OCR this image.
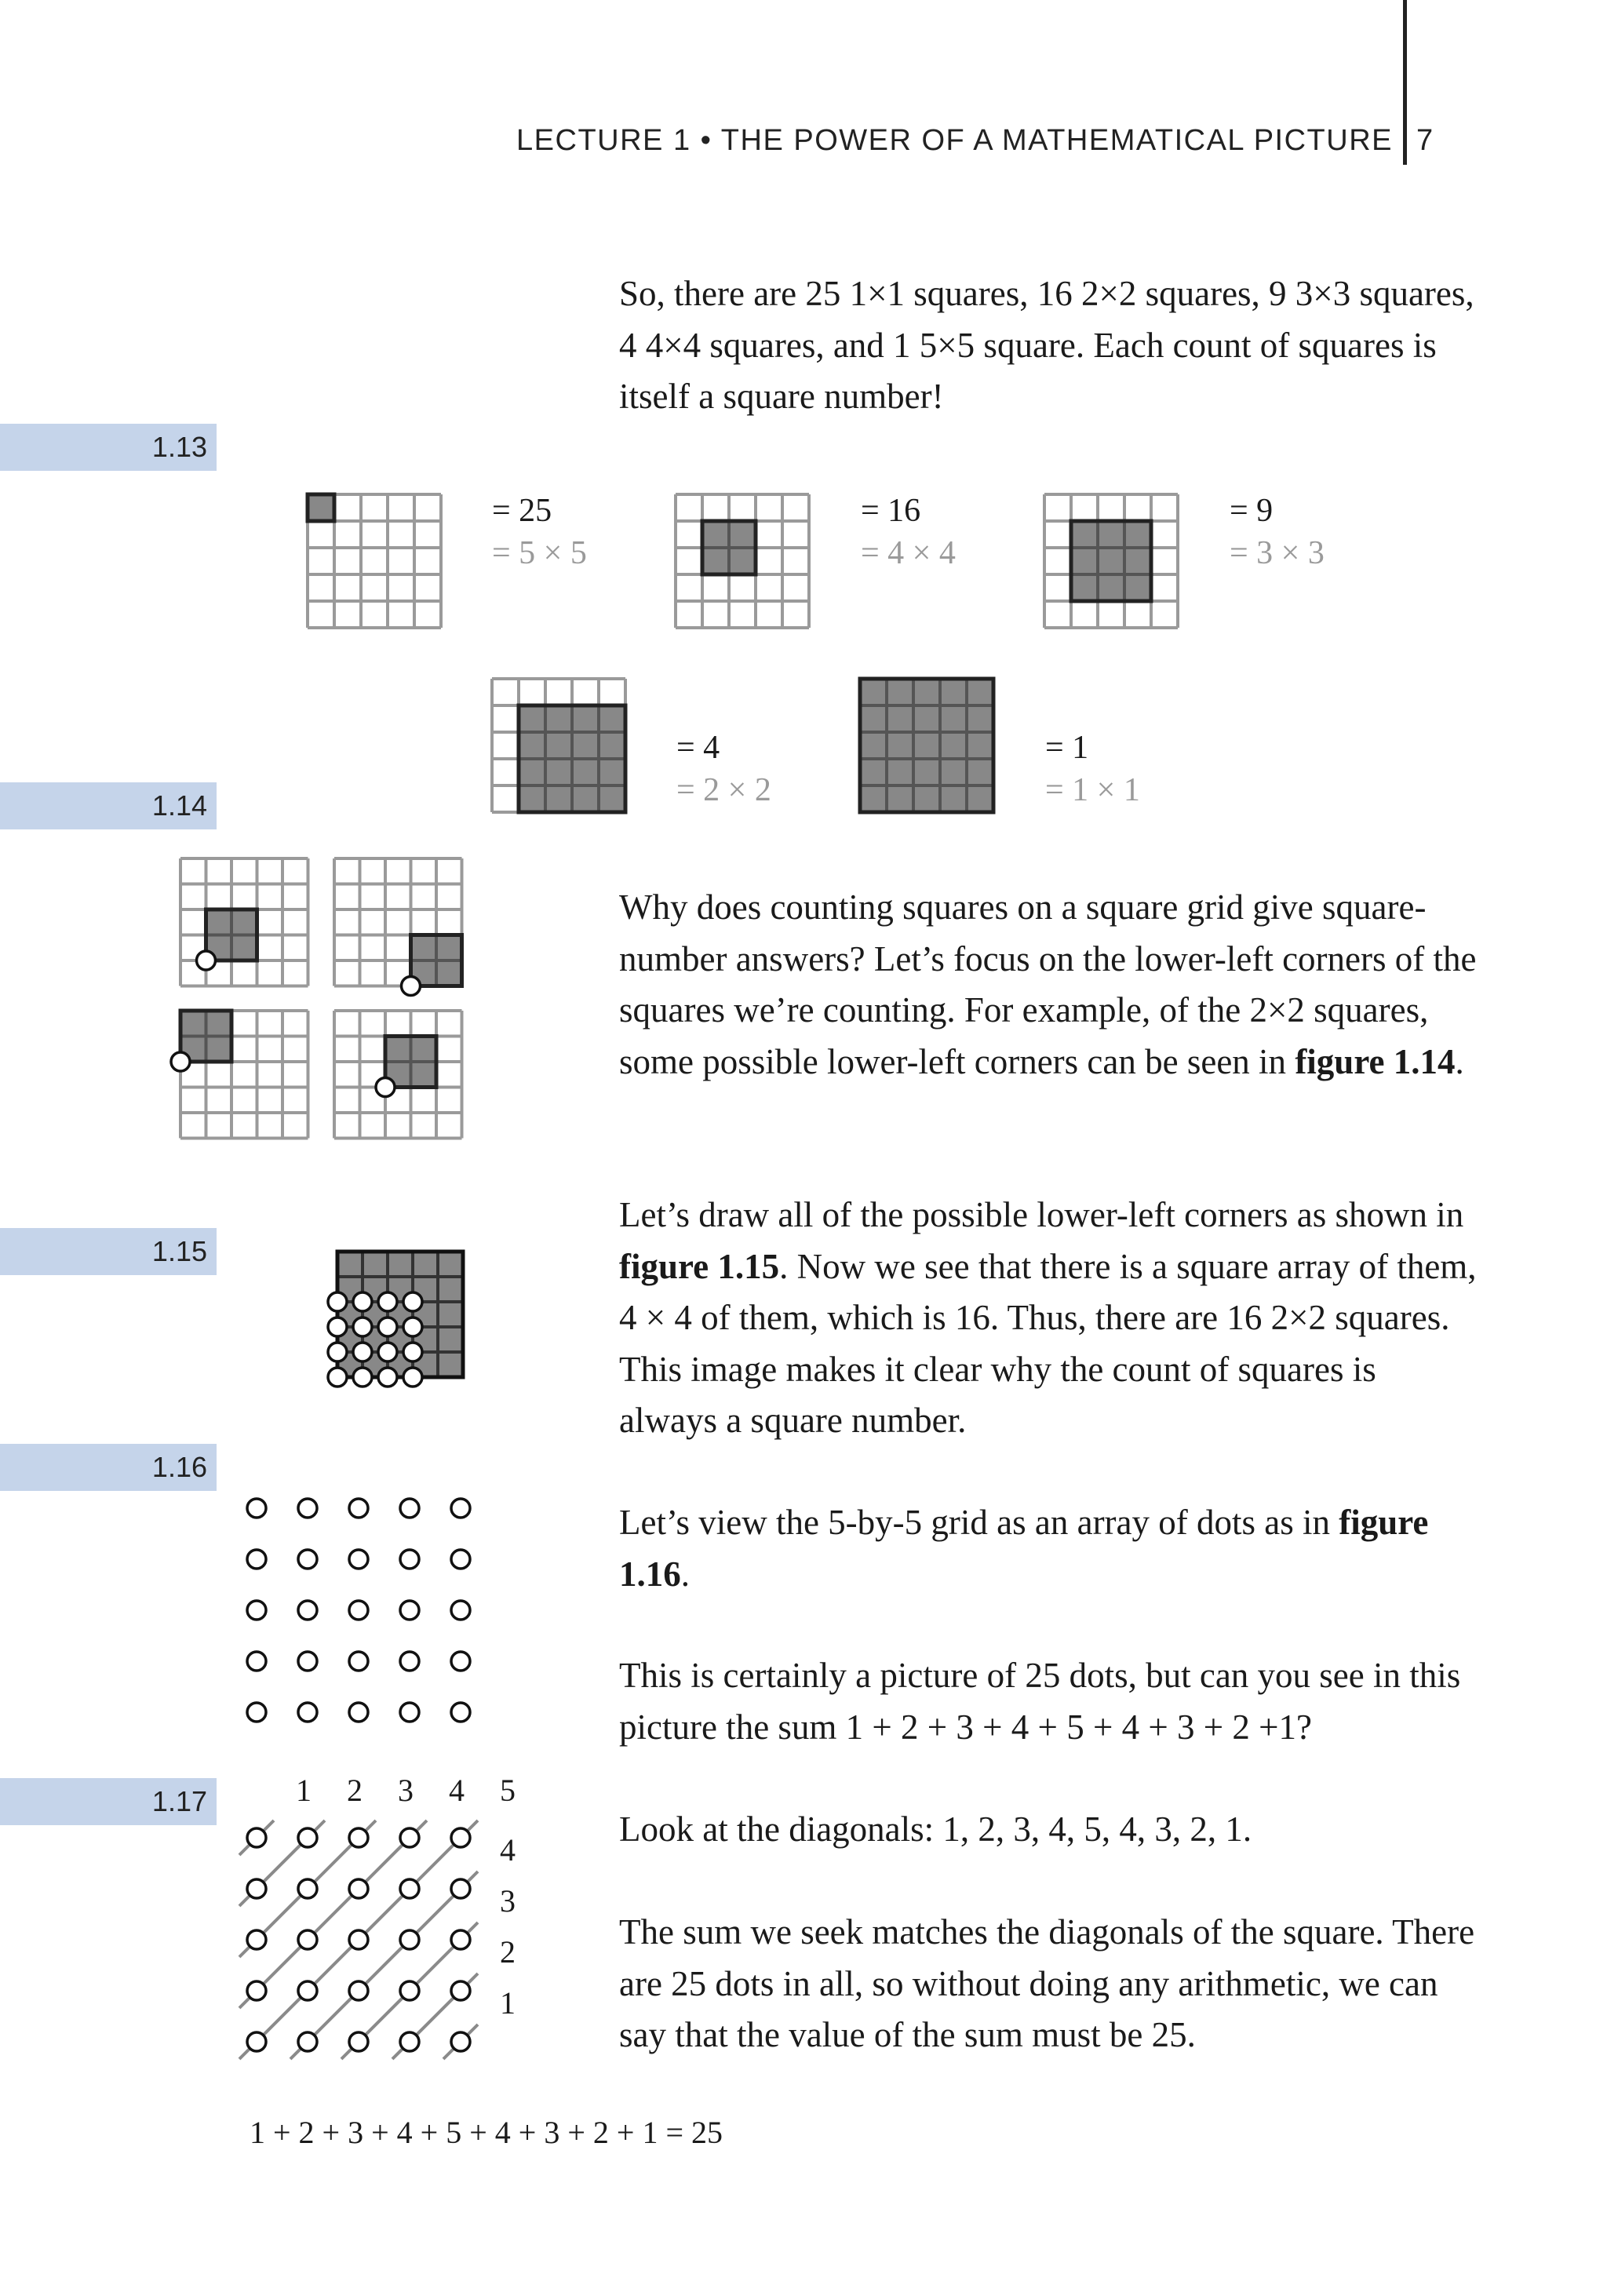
LECTURE 1 • THE POWER OF A MATHEMATICAL PICTURE 7
1.13
1.14
1.15
1.16
1.17

So, there are 25 1×1 squares, 16 2×2 squares, 9 3×3 squares, 4 4×4 squares, and 1 5×5 square. Each count of squares is itself a square number!

Why does counting squares on a square grid give square-number answers? Let’s focus on the lower-left corners of the squares we’re counting. For example, of the 2×2 squares, some possible lower-left corners can be seen in figure 1.14.

Let’s draw all of the possible lower-left corners as shown in figure 1.15. Now we see that there is a square array of them, 4 × 4 of them, which is 16. Thus, there are 16 2×2 squares. This image makes it clear why the count of squares is always a square number.

Let’s view the 5-by-5 grid as an array of dots as in figure 1.16.

This is certainly a picture of 25 dots, but can you see in this picture the sum 1 + 2 + 3 + 4 + 5 + 4 + 3 + 2 +1?

Look at the diagonals: 1, 2, 3, 4, 5, 4, 3, 2, 1.

The sum we seek matches the diagonals of the square. There are 25 dots in all, so without doing any arithmetic, we can say that the value of the sum must be 25.

= 25
= 5 × 5
= 16
= 4 × 4
= 9
= 3 × 3
= 4
= 2 × 2
= 1
= 1 × 1
1 2 3 4 5
4
3
2
1
1 + 2 + 3 + 4 + 5 + 4 + 3 + 2 + 1 = 25
